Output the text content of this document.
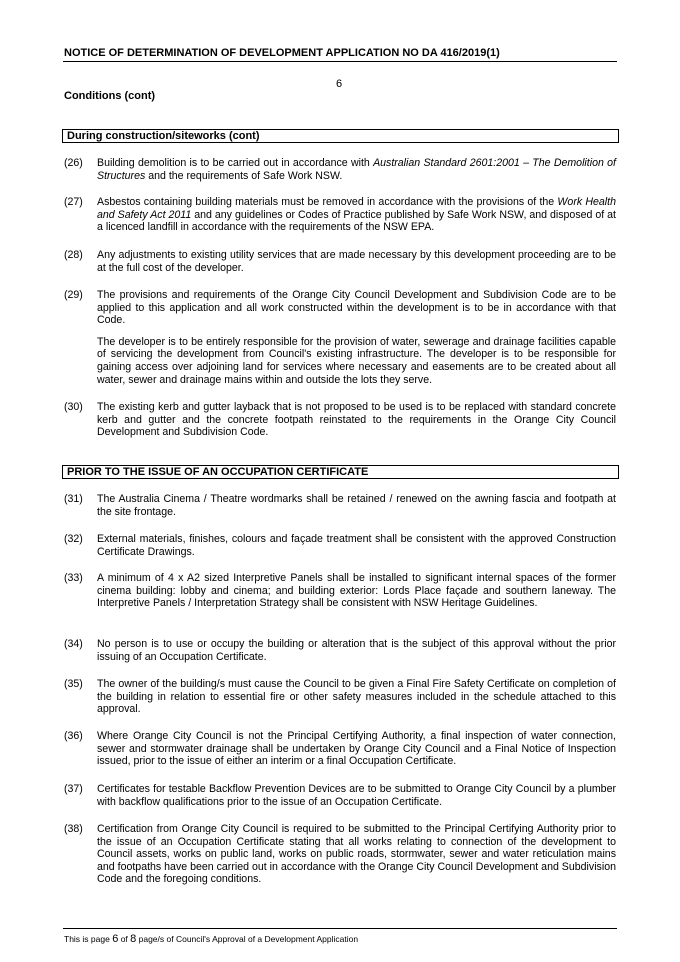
NOTICE OF DETERMINATION OF DEVELOPMENT APPLICATION NO DA 416/2019(1)
6
Conditions (cont)
During construction/siteworks (cont)
(26)	Building demolition is to be carried out in accordance with Australian Standard 2601:2001 – The Demolition of Structures and the requirements of Safe Work NSW.

(27)	Asbestos containing building materials must be removed in accordance with the provisions of the Work Health and Safety Act 2011 and any guidelines or Codes of Practice published by Safe Work NSW, and disposed of at a licenced landfill in accordance with the requirements of the NSW EPA.

(28)	Any adjustments to existing utility services that are made necessary by this development proceeding are to be at the full cost of the developer.

(29)	The provisions and requirements of the Orange City Council Development and Subdivision Code are to be applied to this application and all work constructed within the development is to be in accordance with that Code.

The developer is to be entirely responsible for the provision of water, sewerage and drainage facilities capable of servicing the development from Council's existing infrastructure. The developer is to be responsible for gaining access over adjoining land for services where necessary and easements are to be created about all water, sewer and drainage mains within and outside the lots they serve.

(30)	The existing kerb and gutter layback that is not proposed to be used is to be replaced with standard concrete kerb and gutter and the concrete footpath reinstated to the requirements in the Orange City Council Development and Subdivision Code.

PRIOR TO THE ISSUE OF AN OCCUPATION CERTIFICATE
(31)	The Australia Cinema / Theatre wordmarks shall be retained / renewed on the awning fascia and footpath at the site frontage.

(32)	External materials, finishes, colours and façade treatment shall be consistent with the approved Construction Certificate Drawings.

(33)	A minimum of 4 x A2 sized Interpretive Panels shall be installed to significant internal spaces of the former cinema building: lobby and cinema; and building exterior: Lords Place façade and southern laneway. The Interpretive Panels / Interpretation Strategy shall be consistent with NSW Heritage Guidelines.

(34)	No person is to use or occupy the building or alteration that is the subject of this approval without the prior issuing of an Occupation Certificate.

(35)	The owner of the building/s must cause the Council to be given a Final Fire Safety Certificate on completion of the building in relation to essential fire or other safety measures included in the schedule attached to this approval.

(36)	Where Orange City Council is not the Principal Certifying Authority, a final inspection of water connection, sewer and stormwater drainage shall be undertaken by Orange City Council and a Final Notice of Inspection issued, prior to the issue of either an interim or a final Occupation Certificate.

(37)	Certificates for testable Backflow Prevention Devices are to be submitted to Orange City Council by a plumber with backflow qualifications prior to the issue of an Occupation Certificate.

(38)	Certification from Orange City Council is required to be submitted to the Principal Certifying Authority prior to the issue of an Occupation Certificate stating that all works relating to connection of the development to Council assets, works on public land, works on public roads, stormwater, sewer and water reticulation mains and footpaths have been carried out in accordance with the Orange City Council Development and Subdivision Code and the foregoing conditions.

This is page 6 of 8 page/s of Council's Approval of a Development Application
